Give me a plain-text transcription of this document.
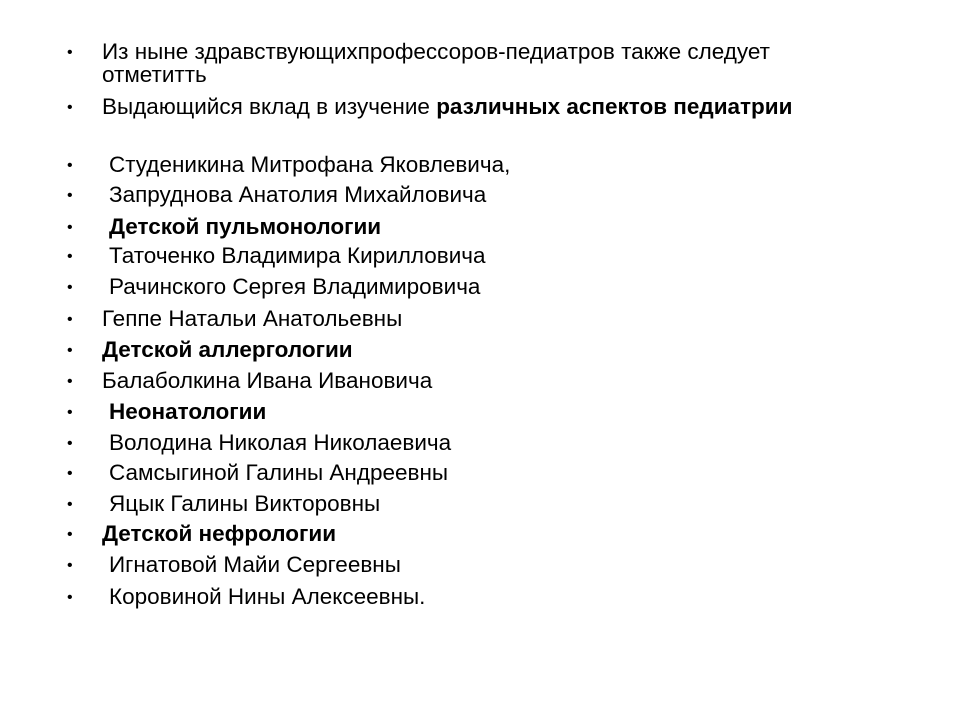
• Из ныне здравствующихпрофессоров-педиатров также следует отметитть
• Выдающийся вклад в изучение различных аспектов педиатрии
• Студеникина Митрофана Яковлевича,
• Запруднова Анатолия Михайловича
• Детской пульмонологии
• Таточенко Владимира Кирилловича
• Рачинского Сергея Владимировича
• Геппе Натальи Анатольевны
• Детской аллергологии
• Балаболкина Ивана Ивановича
• Неонатологии
• Володина Николая Николаевича
• Самсыгиной Галины Андреевны
• Яцык Галины Викторовны
• Детской нефрологии
• Игнатовой Майи Сергеевны
• Коровиной Нины Алексеевны.
